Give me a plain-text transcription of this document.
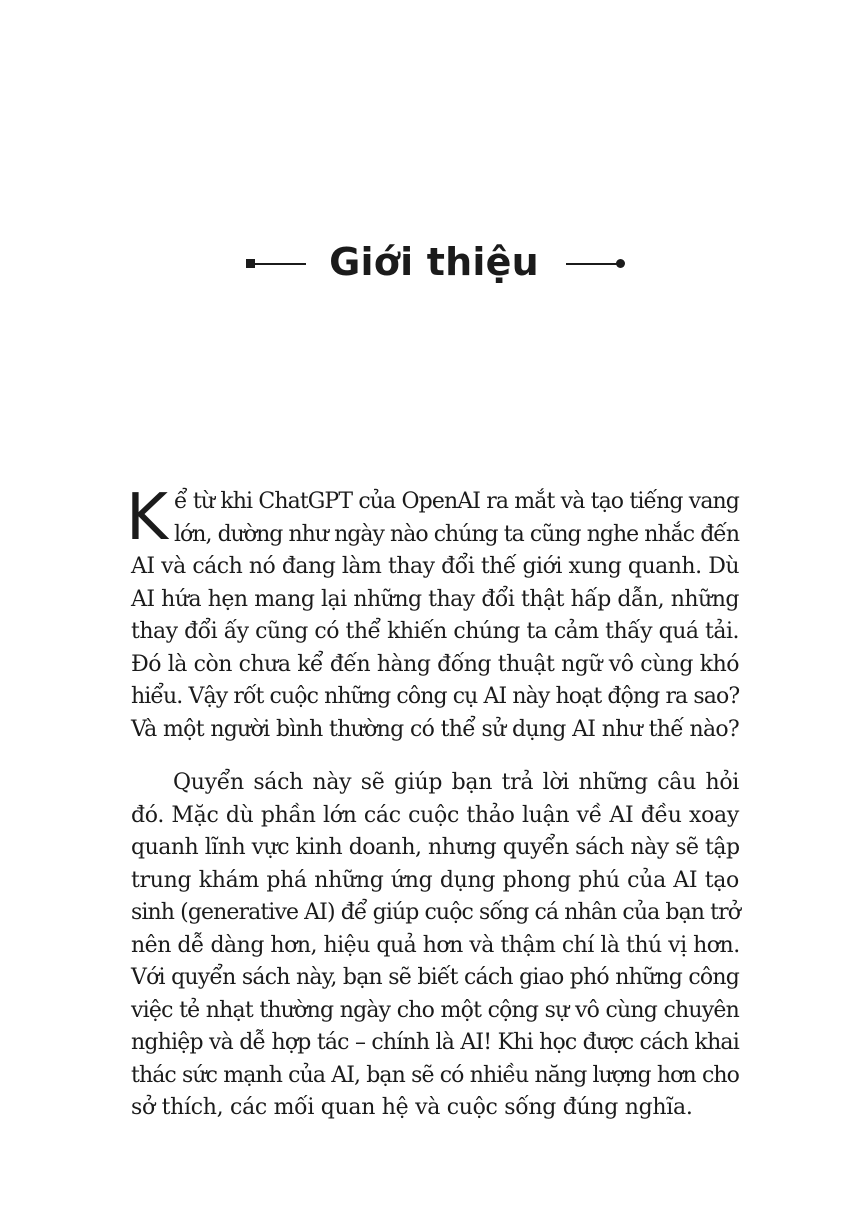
Giới thiệu
K ể từ khi ChatGPT của OpenAI ra mắt và tạo tiếng vang
lớn, dường như ngày nào chúng ta cũng nghe nhắc đến
AI và cách nó đang làm thay đổi thế giới xung quanh. Dù
AI hứa hẹn mang lại những thay đổi thật hấp dẫn, những
thay đổi ấy cũng có thể khiến chúng ta cảm thấy quá tải.
Đó là còn chưa kể đến hàng đống thuật ngữ vô cùng khó
hiểu. Vậy rốt cuộc những công cụ AI này hoạt động ra sao?
Và một người bình thường có thể sử dụng AI như thế nào?
Quyển sách này sẽ giúp bạn trả lời những câu hỏi
đó. Mặc dù phần lớn các cuộc thảo luận về AI đều xoay
quanh lĩnh vực kinh doanh, nhưng quyển sách này sẽ tập
trung khám phá những ứng dụng phong phú của AI tạo
sinh (generative AI) để giúp cuộc sống cá nhân của bạn trở
nên dễ dàng hơn, hiệu quả hơn và thậm chí là thú vị hơn.
Với quyển sách này, bạn sẽ biết cách giao phó những công
việc tẻ nhạt thường ngày cho một cộng sự vô cùng chuyên
nghiệp và dễ hợp tác – chính là AI! Khi học được cách khai
thác sức mạnh của AI, bạn sẽ có nhiều năng lượng hơn cho
sở thích, các mối quan hệ và cuộc sống đúng nghĩa.
